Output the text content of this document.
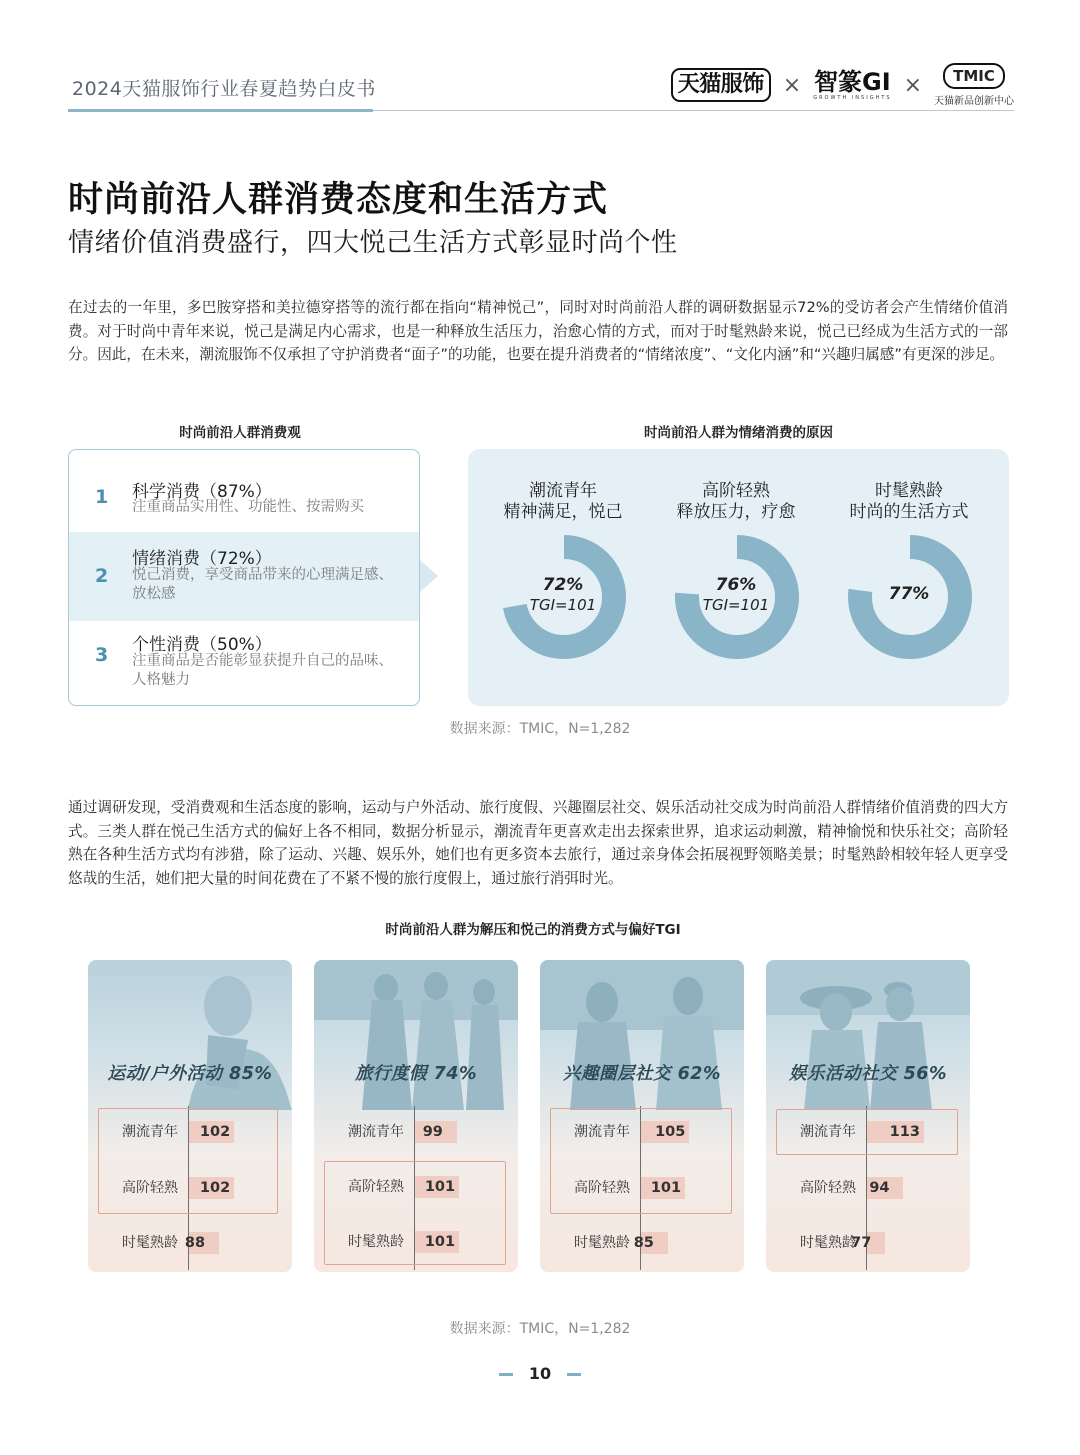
2024天猫服饰行业春夏趋势白皮书	天猫服饰 × 智篆GI
GROWTH INSIGHTS
×	TMIC
天猫新品创新中心
时尚前沿人群消费态度和生活方式
情绪价值消费盛行，四大悦己生活方式彰显时尚个性
在过去的一年里，多巴胺穿搭和美拉德穿搭等的流行都在指向“精神悦己”，同时对时尚前沿人群的调研数据显示72%的受访者会产生情绪价值消费。对于时尚中青年来说，悦己是满足内心需求，也是一种释放生活压力，治愈心情的方式，而对于时髦熟龄来说，悦己已经成为生活方式的一部分。因此，在未来，潮流服饰不仅承担了守护消费者“面子”的功能，也要在提升消费者的“情绪浓度”、“文化内涵”和“兴趣归属感”有更深的涉足。
时尚前沿人群消费观
1 科学消费（87%）
注重商品实用性、功能性、按需购买
2
情绪消费（72%）
悦己消费，享受商品带来的心理满足感、放松感
3 个性消费（50%）
注重商品是否能彰显获提升自己的品味、人格魅力
时尚前沿人群为情绪消费的原因
潮流青年
精神满足，悦己
72%
TGI=101
高阶轻熟
释放压力，疗愈
76%
TGI=101
时髦熟龄
时尚的生活方式
77%
数据来源：TMIC，N=1,282
通过调研发现，受消费观和生活态度的影响，运动与户外活动、旅行度假、兴趣圈层社交、娱乐活动社交成为时尚前沿人群情绪价值消费的四大方式。三类人群在悦己生活方式的偏好上各不相同，数据分析显示，潮流青年更喜欢走出去探索世界，追求运动刺激，精神愉悦和快乐社交；高阶轻熟在各种生活方式均有涉猎，除了运动、兴趣、娱乐外，她们也有更多资本去旅行，通过亲身体会拓展视野领略美景；时髦熟龄相较年轻人更享受悠哉的生活，她们把大量的时间花费在了不紧不慢的旅行度假上，通过旅行消弭时光。
时尚前沿人群为解压和悦己的消费方式与偏好TGI
运动/户外活动 85%
潮流青年 102
高阶轻熟 102
时髦熟龄 88
旅行度假 74%
潮流青年 99
高阶轻熟 101
时髦熟龄 101
兴趣圈层社交 62%
潮流青年 105
高阶轻熟 101
时髦熟龄 85
娱乐活动社交 56%
潮流青年 113
高阶轻熟 94
时髦熟龄
77
数据来源：TMIC，N=1,282
10
